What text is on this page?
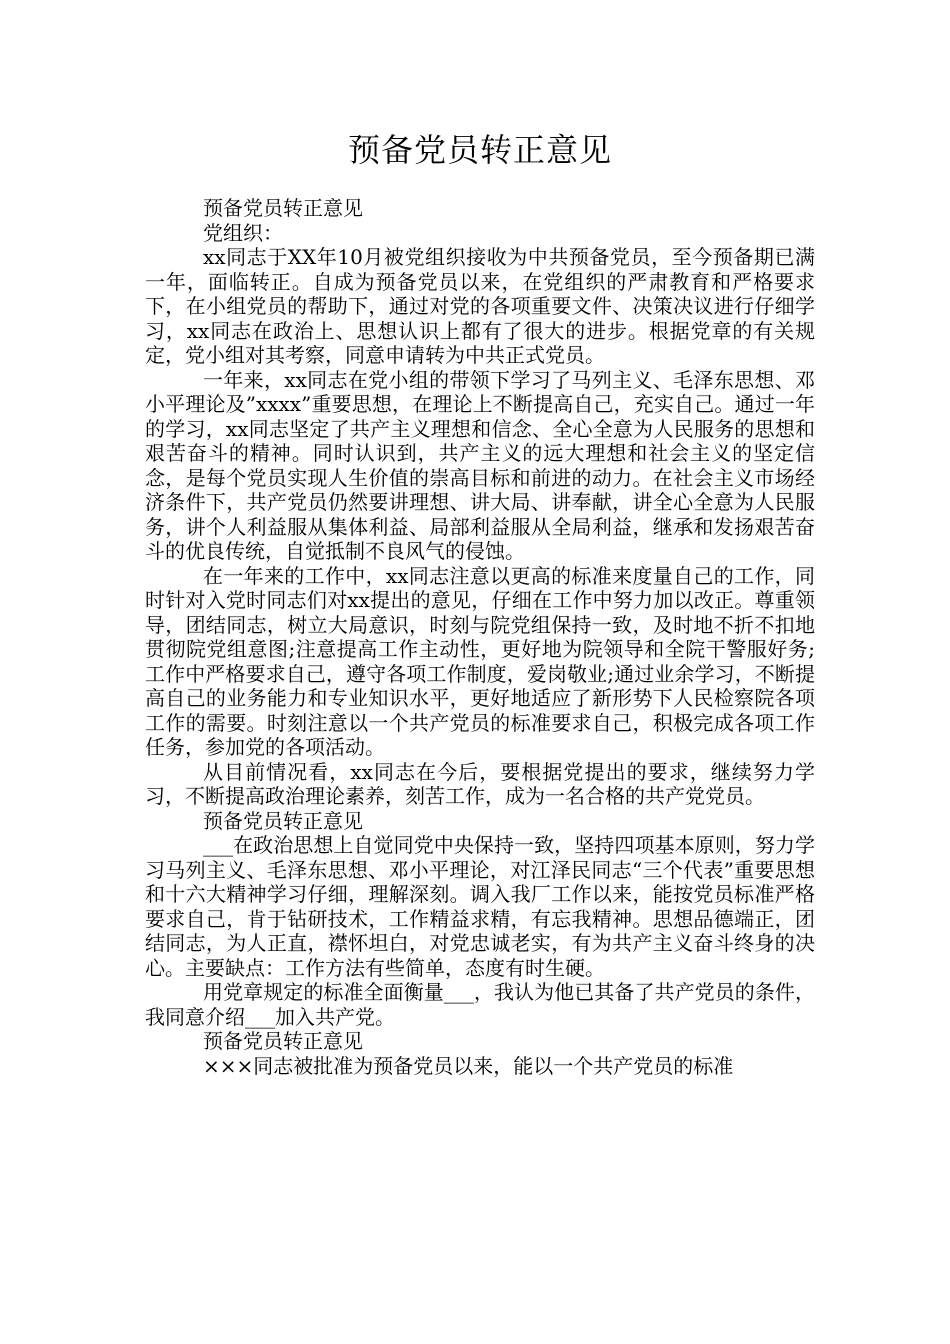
预备党员转正意见

预备党员转正意见

党组织：

xx同志于XX年10月被党组织接收为中共预备党员，至今预备期已满一年，面临转正。自成为预备党员以来，在党组织的严肃教育和严格要求下，在小组党员的帮助下，通过对党的各项重要文件、决策决议进行仔细学习，xx同志在政治上、思想认识上都有了很大的进步。根据党章的有关规定，党小组对其考察，同意申请转为中共正式党员。

一年来，xx同志在党小组的带领下学习了马列主义、毛泽东思想、邓小平理论及”xxxx”重要思想，在理论上不断提高自己，充实自己。通过一年的学习，xx同志坚定了共产主义理想和信念、全心全意为人民服务的思想和艰苦奋斗的精神。同时认识到，共产主义的远大理想和社会主义的坚定信念，是每个党员实现人生价值的崇高目标和前进的动力。在社会主义市场经济条件下，共产党员仍然要讲理想、讲大局、讲奉献，讲全心全意为人民服务，讲个人利益服从集体利益、局部利益服从全局利益，继承和发扬艰苦奋斗的优良传统，自觉抵制不良风气的侵蚀。

在一年来的工作中，xx同志注意以更高的标准来度量自己的工作，同时针对入党时同志们对xx提出的意见，仔细在工作中努力加以改正。尊重领导，团结同志，树立大局意识，时刻与院党组保持一致，及时地不折不扣地贯彻院党组意图;注意提高工作主动性，更好地为院领导和全院干警服好务;工作中严格要求自己，遵守各项工作制度，爱岗敬业;通过业余学习，不断提高自己的业务能力和专业知识水平，更好地适应了新形势下人民检察院各项工作的需要。时刻注意以一个共产党员的标准要求自己，积极完成各项工作任务，参加党的各项活动。

从目前情况看，xx同志在今后，要根据党提出的要求，继续努力学习，不断提高政治理论素养，刻苦工作，成为一名合格的共产党党员。

预备党员转正意见

___在政治思想上自觉同党中央保持一致，坚持四项基本原则，努力学习马列主义、毛泽东思想、邓小平理论，对江泽民同志“三个代表”重要思想和十六大精神学习仔细，理解深刻。调入我厂工作以来，能按党员标准严格要求自己，肯于钻研技术，工作精益求精，有忘我精神。思想品德端正，团结同志，为人正直，襟怀坦白，对党忠诚老实，有为共产主义奋斗终身的决心。主要缺点：工作方法有些简单，态度有时生硬。

用党章规定的标准全面衡量___，我认为他已其备了共产党员的条件，我同意介绍___加入共产党。

预备党员转正意见

×××同志被批准为预备党员以来，能以一个共产党员的标准
